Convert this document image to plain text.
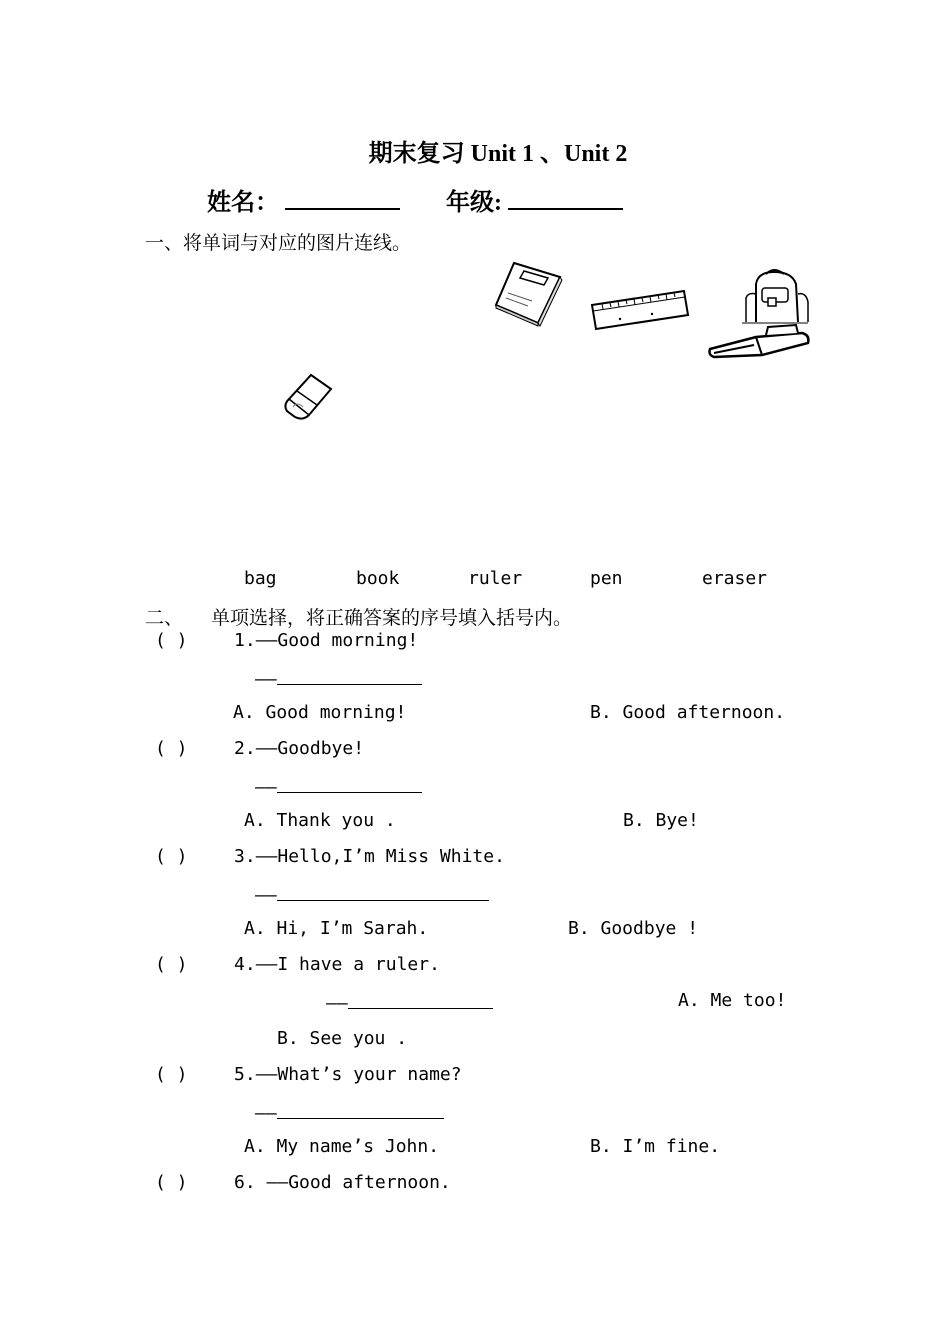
期末复习 Unit 1 、Unit 2
姓名：	年级:
一、将单词与对应的图片连线。
bag	book	ruler	pen	eraser
二、 单项选择，将正确答案的序号填入括号内。
( )	1.——Good morning!
——
A. Good morning!	B. Good afternoon.
( )	2.——Goodbye!
——
A. Thank you .	B. Bye!
( )	3.——Hello,I’m Miss White.
——
A. Hi, I’m Sarah.	B. Goodbye !
( )	4.——I have a ruler.
——	A. Me too!
B. See you .
( )	5.——What’s your name?
——
A. My name’s John.	B. I’m fine.
( )	6. ——Good afternoon.
